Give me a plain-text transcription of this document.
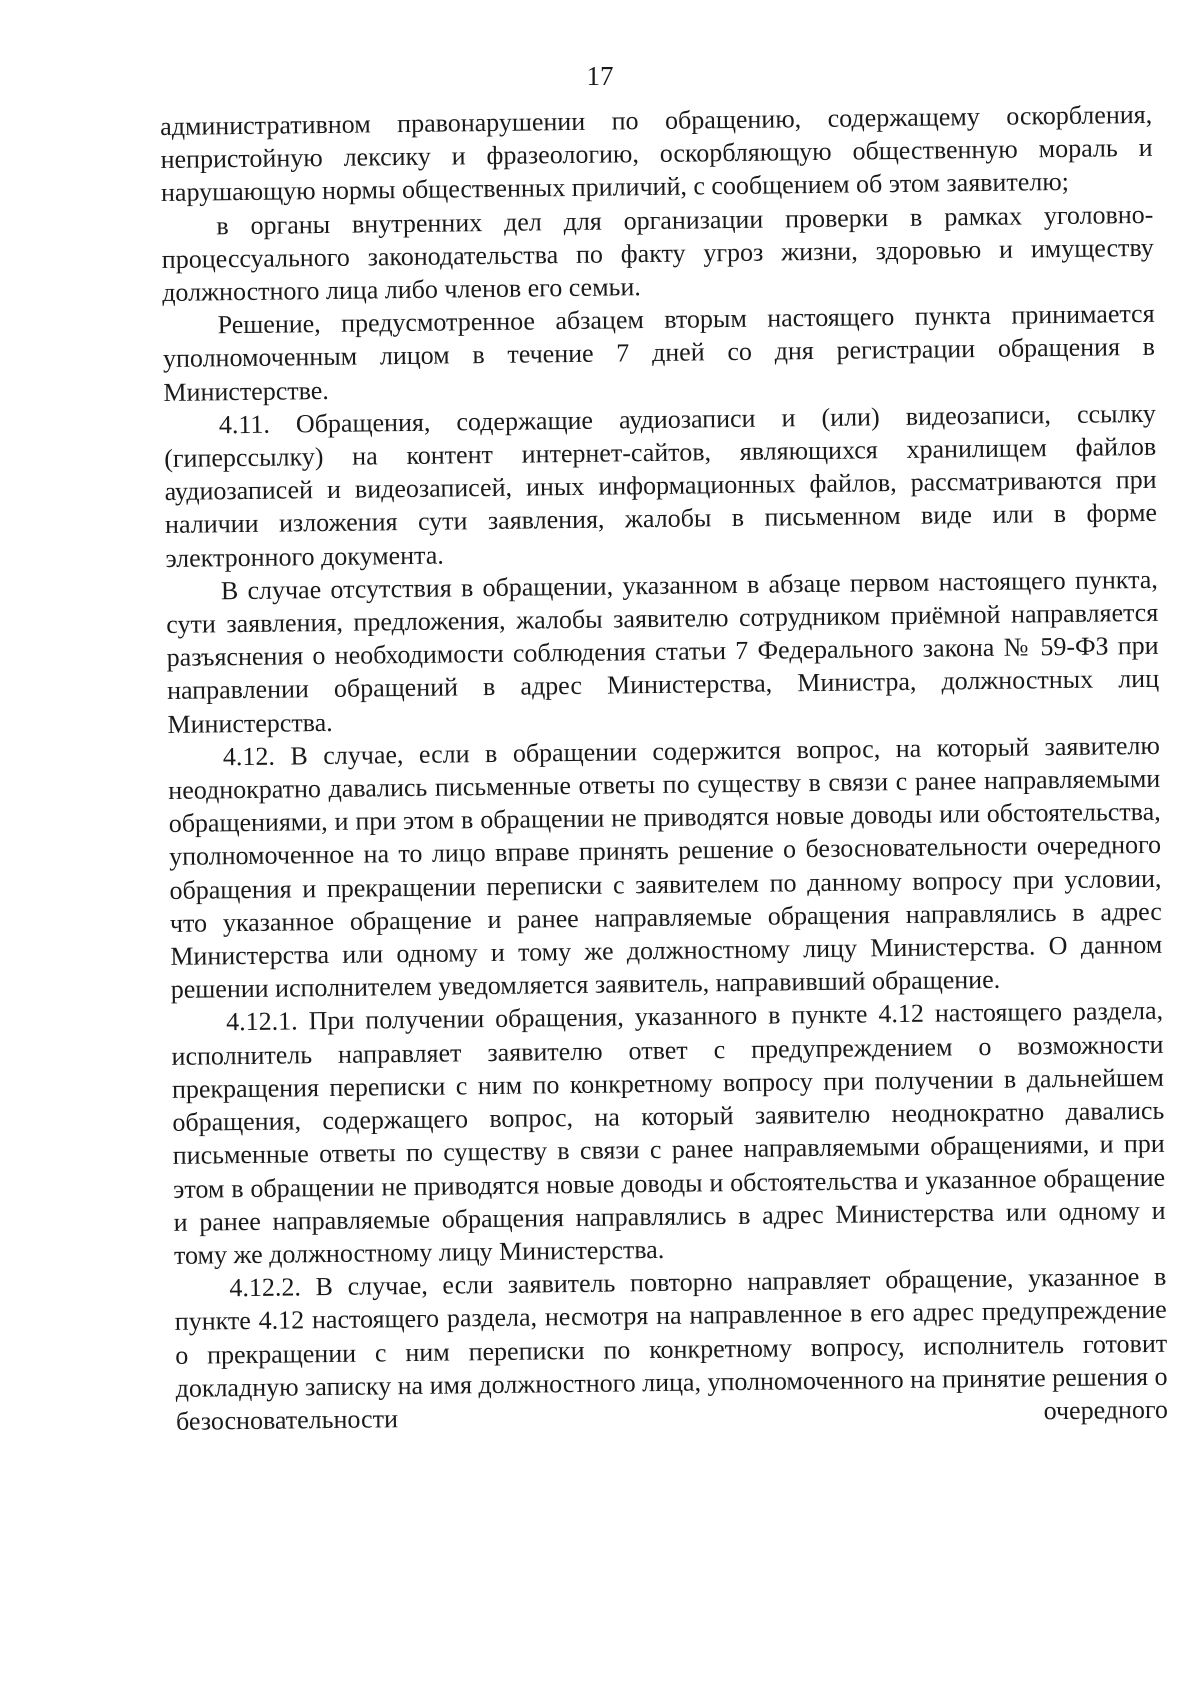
17

административном правонарушении по обращению, содержащему оскорбления, непристойную лексику и фразеологию, оскорбляющую общественную мораль и нарушающую нормы общественных приличий, с сообщением об этом заявителю;

в органы внутренних дел для организации проверки в рамках уголовно-процессуального законодательства по факту угроз жизни, здоровью и имуществу должностного лица либо членов его семьи.

Решение, предусмотренное абзацем вторым настоящего пункта принимается уполномоченным лицом в течение 7 дней со дня регистрации обращения в Министерстве.

4.11. Обращения, содержащие аудиозаписи и (или) видеозаписи, ссылку (гиперссылку) на контент интернет-сайтов, являющихся хранилищем файлов аудиозаписей и видеозаписей, иных информационных файлов, рассматриваются при наличии изложения сути заявления, жалобы в письменном виде или в форме электронного документа.

В случае отсутствия в обращении, указанном в абзаце первом настоящего пункта, сути заявления, предложения, жалобы заявителю сотрудником приёмной направляется разъяснения о необходимости соблюдения статьи 7 Федерального закона № 59-ФЗ при направлении обращений в адрес Министерства, Министра, должностных лиц Министерства.

4.12. В случае, если в обращении содержится вопрос, на который заявителю неоднократно давались письменные ответы по существу в связи с ранее направляемыми обращениями, и при этом в обращении не приводятся новые доводы или обстоятельства, уполномоченное на то лицо вправе принять решение о безосновательности очередного обращения и прекращении переписки с заявителем по данному вопросу при условии, что указанное обращение и ранее направляемые обращения направлялись в адрес Министерства или одному и тому же должностному лицу Министерства. О данном решении исполнителем уведомляется заявитель, направивший обращение.

4.12.1. При получении обращения, указанного в пункте 4.12 настоящего раздела, исполнитель направляет заявителю ответ с предупреждением о возможности прекращения переписки с ним по конкретному вопросу при получении в дальнейшем обращения, содержащего вопрос, на который заявителю неоднократно давались письменные ответы по существу в связи с ранее направляемыми обращениями, и при этом в обращении не приводятся новые доводы и обстоятельства и указанное обращение и ранее направляемые обращения направлялись в адрес Министерства или одному и тому же должностному лицу Министерства.

4.12.2. В случае, если заявитель повторно направляет обращение, указанное в пункте 4.12 настоящего раздела, несмотря на направленное в его адрес предупреждение о прекращении с ним переписки по конкретному вопросу, исполнитель готовит докладную записку на имя должностного лица, уполномоченного на принятие решения о безосновательности очередного
